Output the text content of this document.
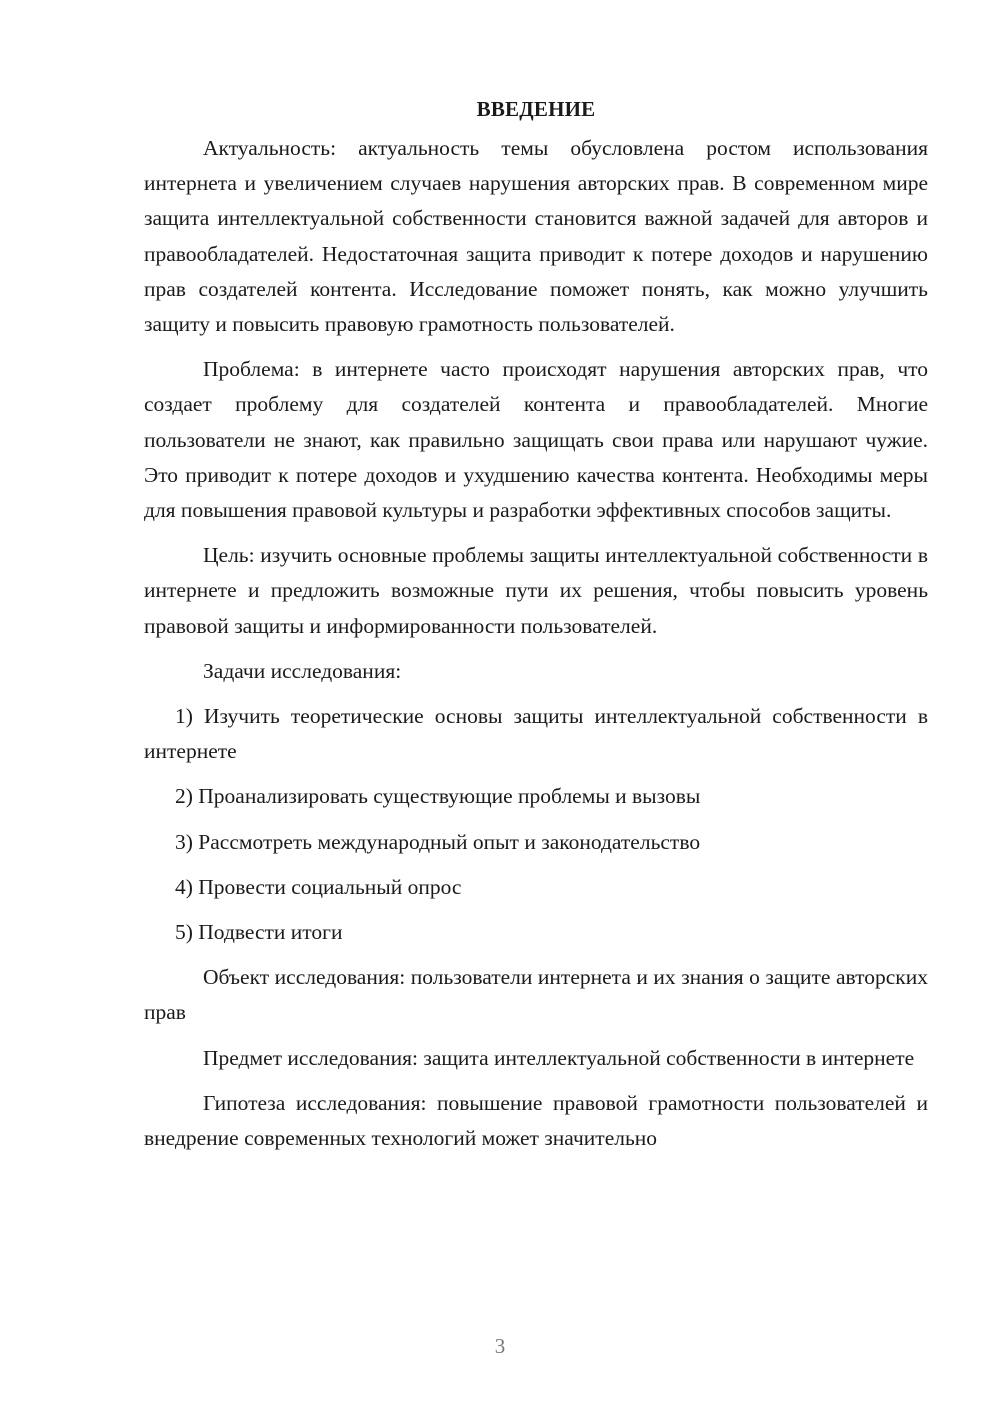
ВВЕДЕНИЕ

Актуальность: актуальность темы обусловлена ростом использования интернета и увеличением случаев нарушения авторских прав. В современном мире защита интеллектуальной собственности становится важной задачей для авторов и правообладателей. Недостаточная защита приводит к потере доходов и нарушению прав создателей контента. Исследование поможет понять, как можно улучшить защиту и повысить правовую грамотность пользователей.

Проблема: в интернете часто происходят нарушения авторских прав, что создает проблему для создателей контента и правообладателей. Многие пользователи не знают, как правильно защищать свои права или нарушают чужие. Это приводит к потере доходов и ухудшению качества контента. Необходимы меры для повышения правовой культуры и разработки эффективных способов защиты.

Цель: изучить основные проблемы защиты интеллектуальной собственности в интернете и предложить возможные пути их решения, чтобы повысить уровень правовой защиты и информированности пользователей.

Задачи исследования:

1) Изучить теоретические основы защиты интеллектуальной собственности в интернете

2) Проанализировать существующие проблемы и вызовы

3) Рассмотреть международный опыт и законодательство

4) Провести социальный опрос

5) Подвести итоги

Объект исследования: пользователи интернета и их знания о защите авторских прав

Предмет исследования: защита интеллектуальной собственности в интернете

Гипотеза исследования: повышение правовой грамотности пользователей и внедрение современных технологий может значительно

3
